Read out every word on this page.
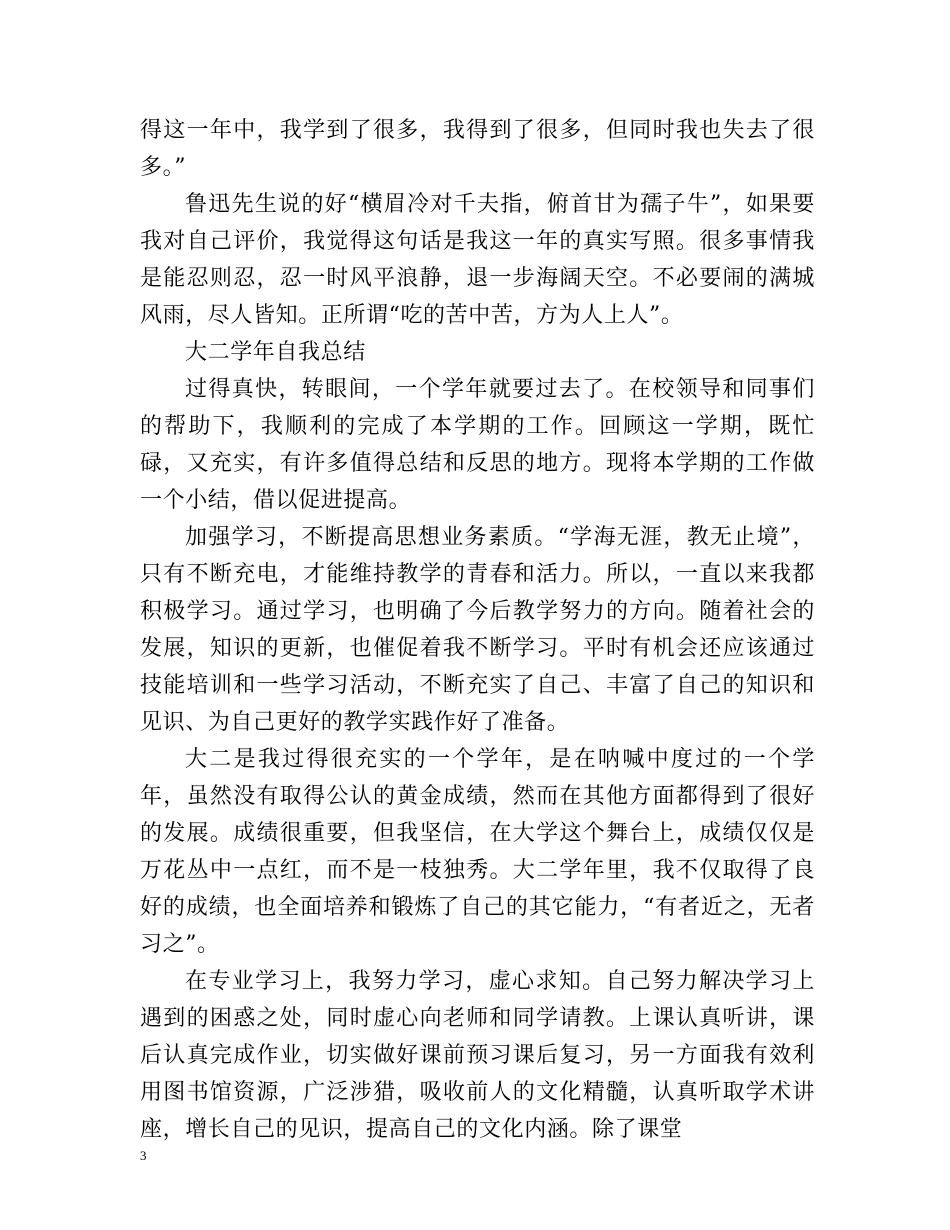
得这一年中，我学到了很多，我得到了很多，但同时我也失去了很多。”

鲁迅先生说的好“横眉冷对千夫指，俯首甘为孺子牛”，如果要我对自己评价，我觉得这句话是我这一年的真实写照。很多事情我是能忍则忍，忍一时风平浪静，退一步海阔天空。不必要闹的满城风雨，尽人皆知。正所谓“吃的苦中苦，方为人上人”。

大二学年自我总结

过得真快，转眼间，一个学年就要过去了。在校领导和同事们的帮助下，我顺利的完成了本学期的工作。回顾这一学期，既忙碌，又充实，有许多值得总结和反思的地方。现将本学期的工作做一个小结，借以促进提高。

加强学习，不断提高思想业务素质。“学海无涯，教无止境”，只有不断充电，才能维持教学的青春和活力。所以，一直以来我都积极学习。通过学习，也明确了今后教学努力的方向。随着社会的发展，知识的更新，也催促着我不断学习。平时有机会还应该通过技能培训和一些学习活动，不断充实了自己、丰富了自己的知识和见识、为自己更好的教学实践作好了准备。

大二是我过得很充实的一个学年，是在呐喊中度过的一个学年，虽然没有取得公认的黄金成绩，然而在其他方面都得到了很好的发展。成绩很重要，但我坚信，在大学这个舞台上，成绩仅仅是万花丛中一点红，而不是一枝独秀。大二学年里，我不仅取得了良好的成绩，也全面培养和锻炼了自己的其它能力，“有者近之，无者习之”。

在专业学习上，我努力学习，虚心求知。自己努力解决学习上遇到的困惑之处，同时虚心向老师和同学请教。上课认真听讲，课后认真完成作业，切实做好课前预习课后复习，另一方面我有效利用图书馆资源，广泛涉猎，吸收前人的文化精髓，认真听取学术讲座，增长自己的见识，提高自己的文化内涵。除了课堂

3
